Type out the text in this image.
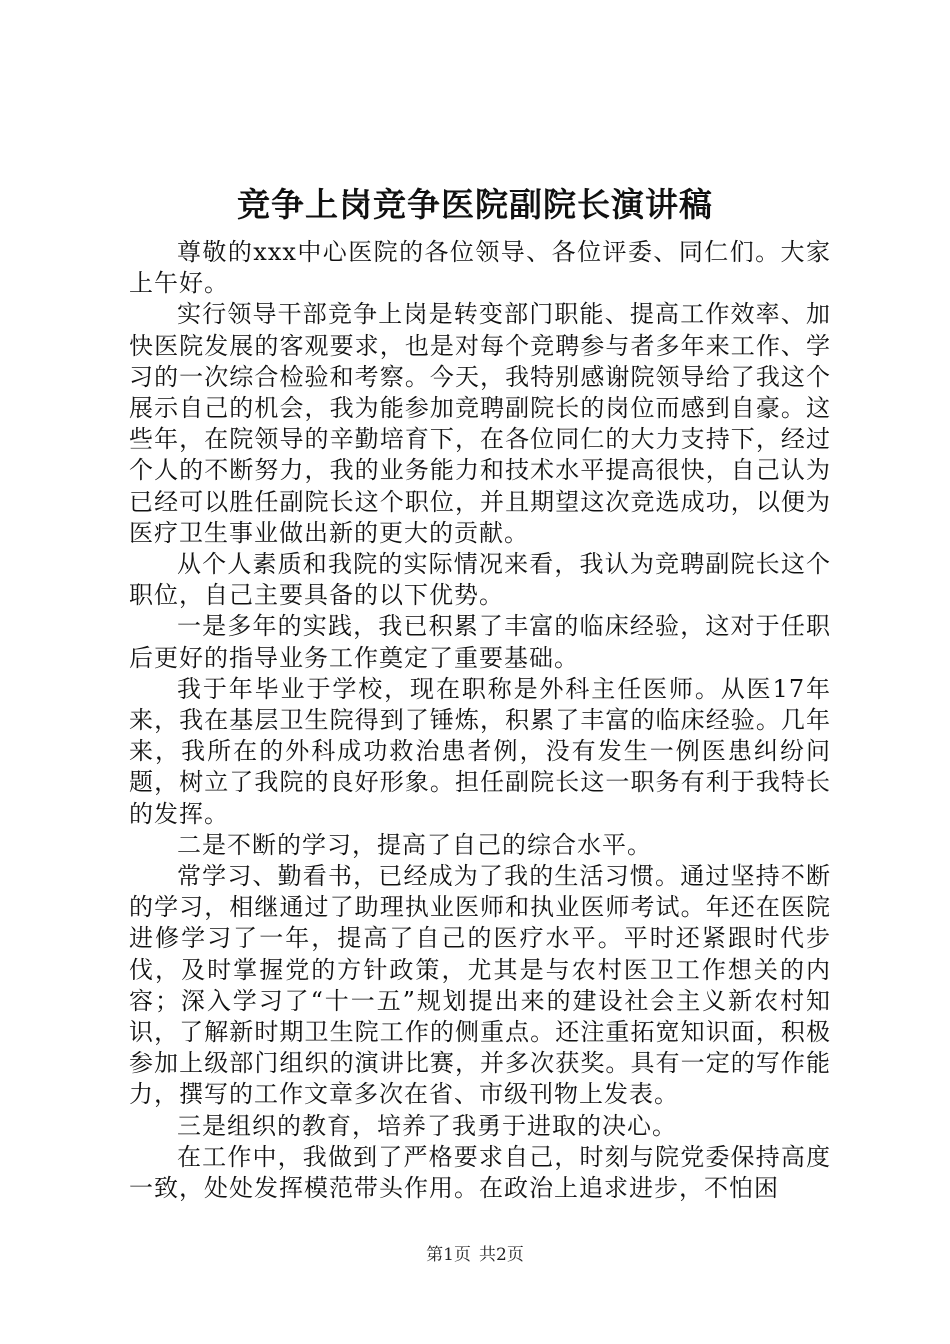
竞争上岗竞争医院副院长演讲稿

尊敬的xxx中心医院的各位领导、各位评委、同仁们。大家上午好。

实行领导干部竞争上岗是转变部门职能、提高工作效率、加快医院发展的客观要求，也是对每个竞聘参与者多年来工作、学习的一次综合检验和考察。今天，我特别感谢院领导给了我这个展示自己的机会，我为能参加竞聘副院长的岗位而感到自豪。这些年，在院领导的辛勤培育下，在各位同仁的大力支持下，经过个人的不断努力，我的业务能力和技术水平提高很快，自己认为已经可以胜任副院长这个职位，并且期望这次竞选成功，以便为医疗卫生事业做出新的更大的贡献。

从个人素质和我院的实际情况来看，我认为竞聘副院长这个职位，自己主要具备的以下优势。

一是多年的实践，我已积累了丰富的临床经验，这对于任职后更好的指导业务工作奠定了重要基础。

我于年毕业于学校，现在职称是外科主任医师。从医17年来，我在基层卫生院得到了锤炼，积累了丰富的临床经验。几年来，我所在的外科成功救治患者例，没有发生一例医患纠纷问题，树立了我院的良好形象。担任副院长这一职务有利于我特长的发挥。

二是不断的学习，提高了自己的综合水平。

常学习、勤看书，已经成为了我的生活习惯。通过坚持不断的学习，相继通过了助理执业医师和执业医师考试。年还在医院进修学习了一年，提高了自己的医疗水平。平时还紧跟时代步伐，及时掌握党的方针政策，尤其是与农村医卫工作想关的内容；深入学习了“十一五”规划提出来的建设社会主义新农村知识，了解新时期卫生院工作的侧重点。还注重拓宽知识面，积极参加上级部门组织的演讲比赛，并多次获奖。具有一定的写作能力，撰写的工作文章多次在省、市级刊物上发表。

三是组织的教育，培养了我勇于进取的决心。

在工作中，我做到了严格要求自己，时刻与院党委保持高度一致，处处发挥模范带头作用。在政治上追求进步，不怕困

第1页 共2页
